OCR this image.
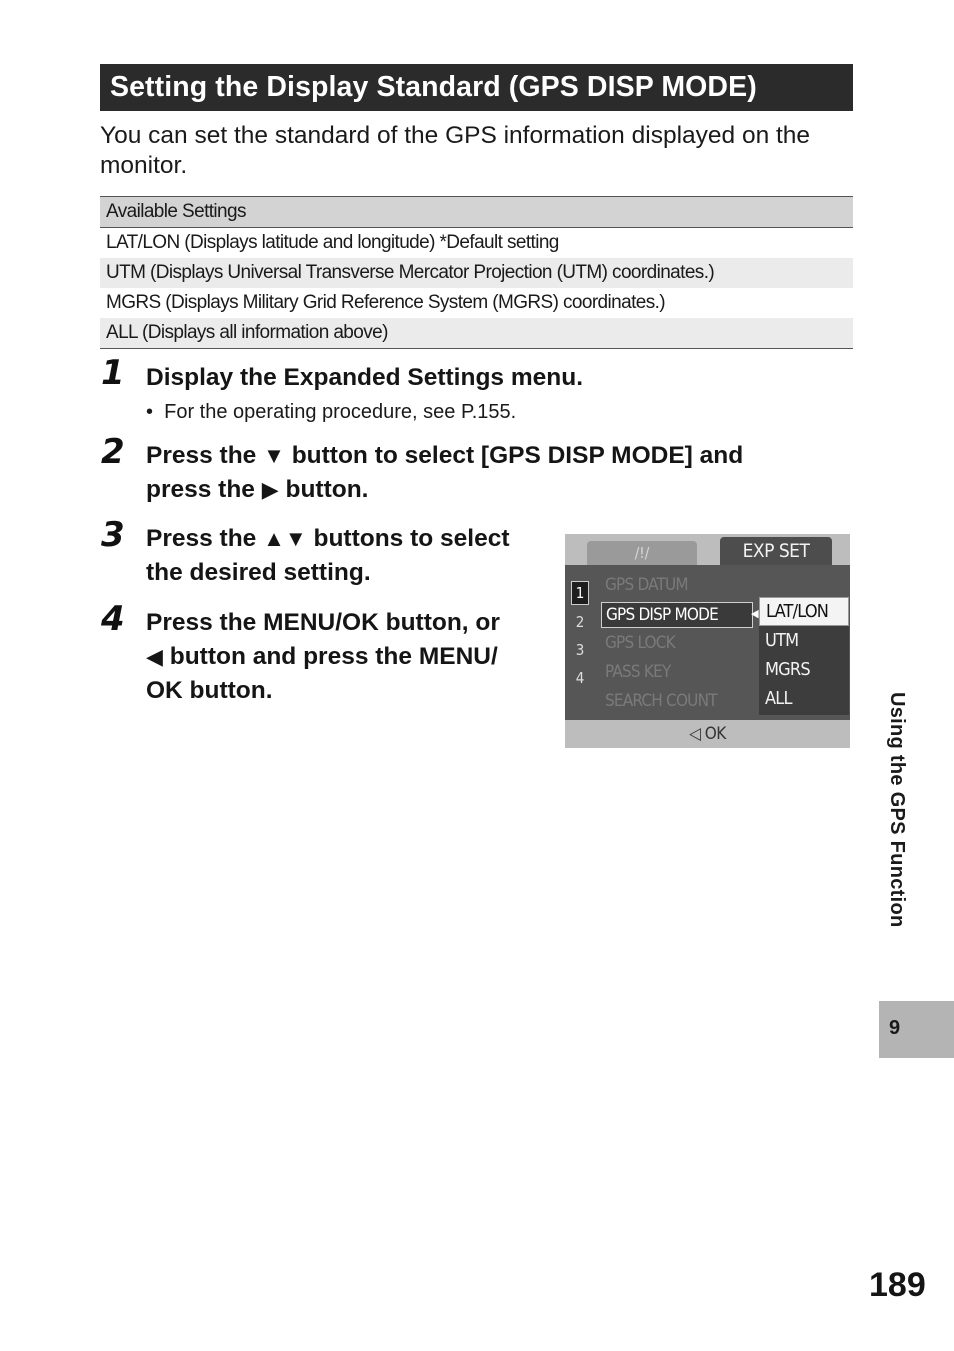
Setting the Display Standard (GPS DISP MODE)
You can set the standard of the GPS information displayed on the monitor.
Available Settings
LAT/LON (Displays latitude and longitude) *Default setting
UTM (Displays Universal Transverse Mercator Projection (UTM) coordinates.)
MGRS (Displays Military Grid Reference System (MGRS) coordinates.)
ALL (Displays all information above)
1 Display the Expanded Settings menu.
•  For the operating procedure, see P.155.
2 Press the ▼ button to select [GPS DISP MODE] and
press the ▶ button.
3 Press the ▲▼ buttons to select
the desired setting.
4 Press the MENU/OK button, or
◀ button and press the MENU/
OK button.
/!/	EXP SET
1
2
3
4
GPS DATUM
GPS DISP MODE
GPS LOCK
PASS KEY
SEARCH COUNT
◀ LAT/LON
UTM
MGRS
ALL
◁ OK	Using the GPS Function
9
189
